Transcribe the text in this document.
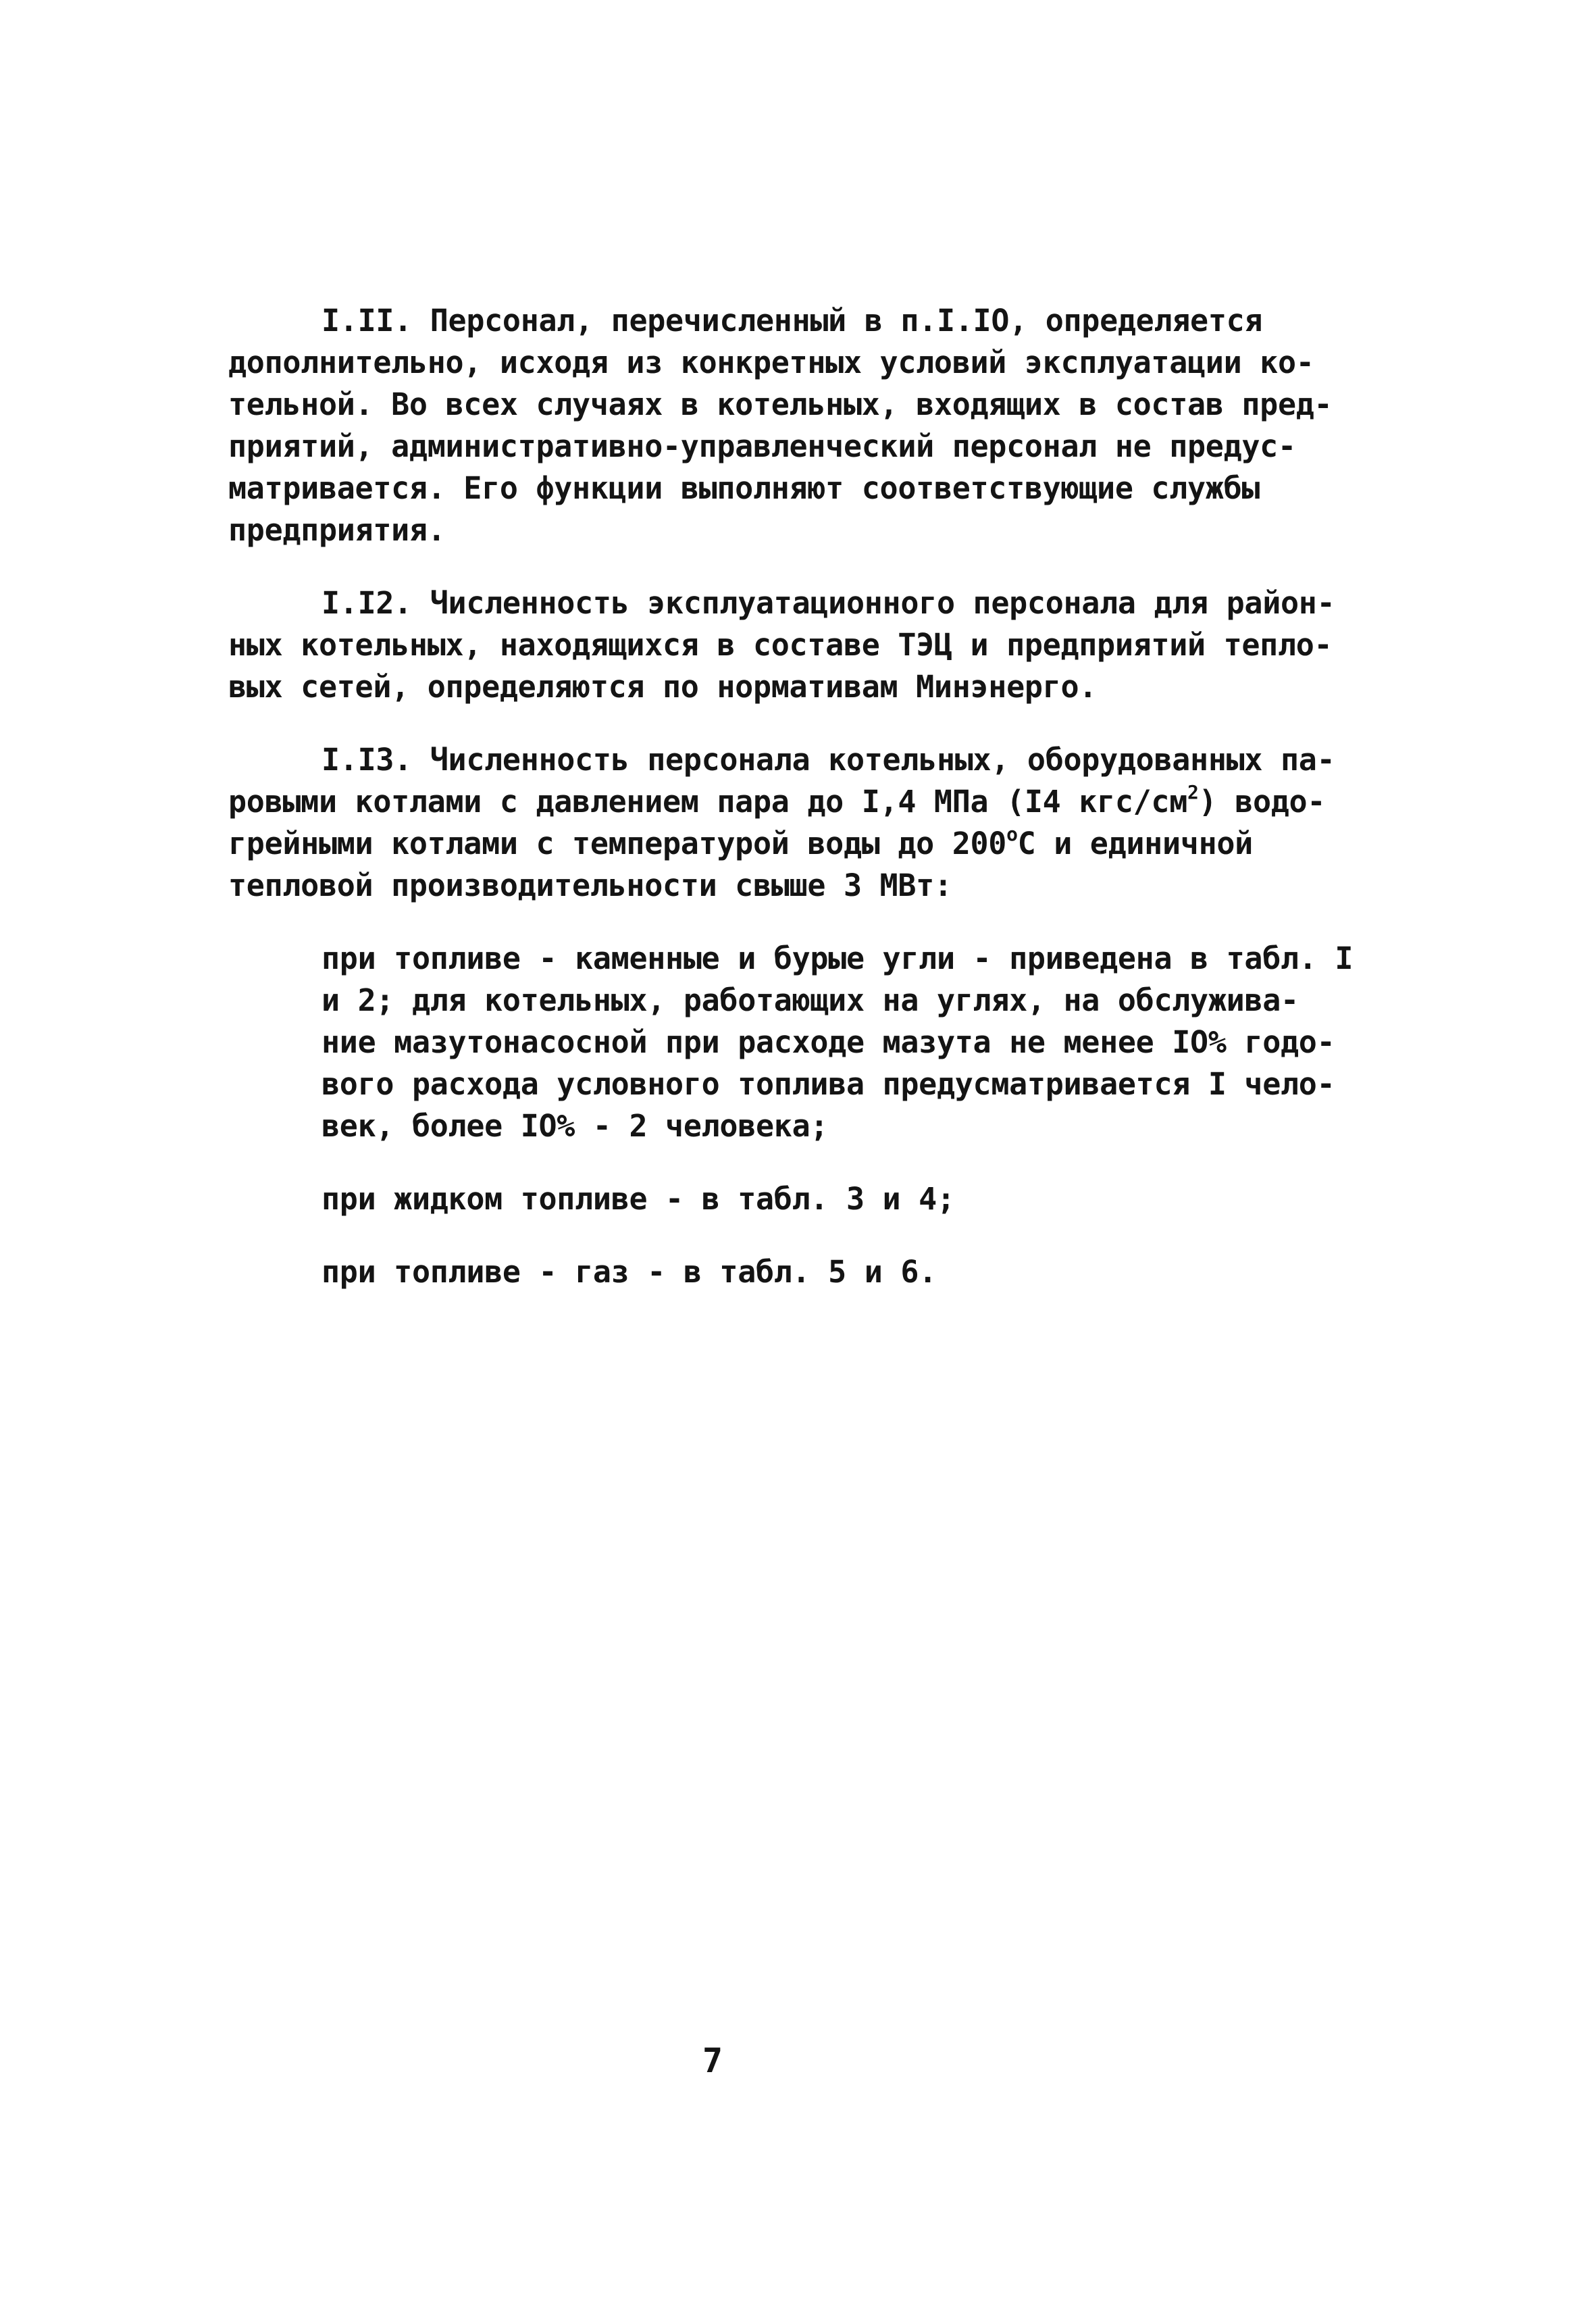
I.II. Персонал, перечисленный в п.I.IO, определяется

дополнительно, исходя из конкретных условий эксплуатации ко-

тельной. Во всех случаях в котельных, входящих в состав пред-

приятий, административно-управленческий персонал не предус-

матривается. Его функции выполняют соответствующие службы

предприятия.

I.I2. Численность эксплуатационного персонала для район-

ных котельных, находящихся в составе ТЭЦ и предприятий тепло-

вых сетей, определяются по нормативам Минэнерго.

I.I3. Численность персонала котельных, оборудованных па-

ровыми котлами с давлением пара до I,4 МПа (I4 кгс/$см^2$) водо-

грейными котлами с температурой воды до $200^оС$ и единичной

тепловой производительности свыше 3 МВт:

при топливе - каменные и бурые угли - приведена в табл. I

и 2; для котельных, работающих на углях, на обслужива-

ние мазутонасосной при расходе мазута не менее IO% годо-

вого расхода условного топлива предусматривается I чело-

век, более IO% - 2 человека;

при жидком топливе - в табл. 3 и 4;

при топливе - газ - в табл. 5 и 6.

7
